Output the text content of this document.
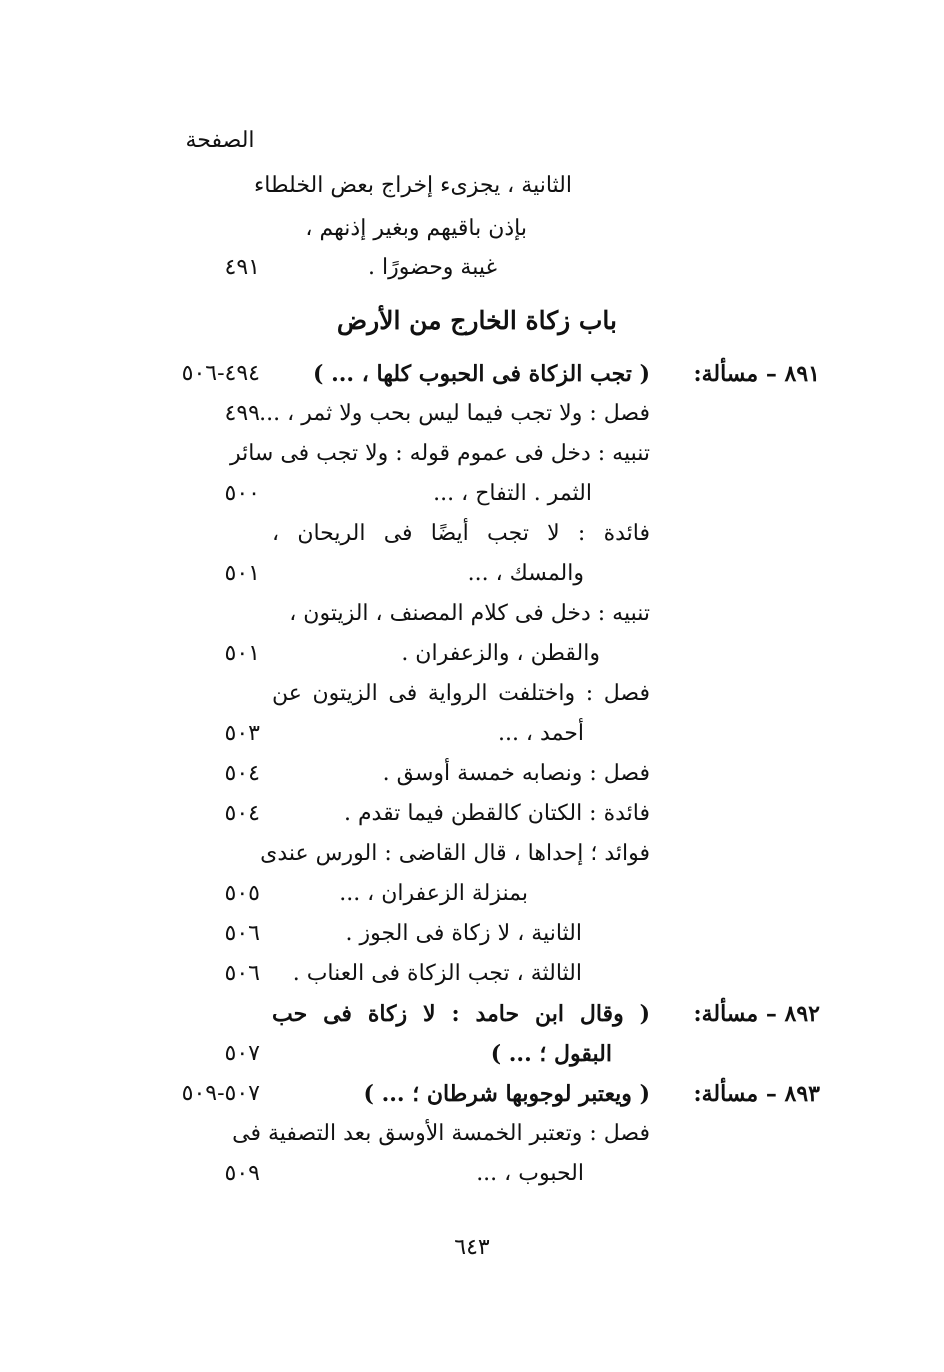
الصفحة
الثانية ، يجزىء إخراج بعض الخلطاء
بإذن باقيهم وبغير إذنهم ،
غيبة وحضورًا .
٤٩١
باب زكاة الخارج من الأرض
٨٩١ – مسألة:
( تجب الزكاة فى الحبوب كلها ، ... )
٤٩٤-٥٠٦
فصل : ولا تجب فيما ليس بحب ولا ثمر ، ...
٤٩٩
تنبيه : دخل فى عموم قوله : ولا تجب فى سائر
الثمر . التفاح ، ...
٥٠٠
فائدة : لا تجب أيضًا فى الريحان ،
والمسك ، ...
٥٠١
تنبيه : دخل فى كلام المصنف ، الزيتون ،
والقطن ، والزعفران .
٥٠١
فصل : واختلفت الرواية فى الزيتون عن
أحمد ، ...
٥٠٣
فصل : ونصابه خمسة أوسق .
٥٠٤
فائدة : الكتان كالقطن فيما تقدم .
٥٠٤
فوائد ؛ إحداها ، قال القاضى : الورس عندى
بمنزلة الزعفران ، ...
٥٠٥
الثانية ، لا زكاة فى الجوز .
٥٠٦
الثالثة ، تجب الزكاة فى العناب .
٥٠٦
٨٩٢ – مسألة:
( وقال ابن حامد : لا زكاة فى حب
البقول ؛ ... )
٥٠٧
٨٩٣ – مسألة:
( ويعتبر لوجوبها شرطان ؛ ... )
٥٠٧-٥٠٩
فصل : وتعتبر الخمسة الأوسق بعد التصفية فى
الحبوب ، ...
٥٠٩
٦٤٣
